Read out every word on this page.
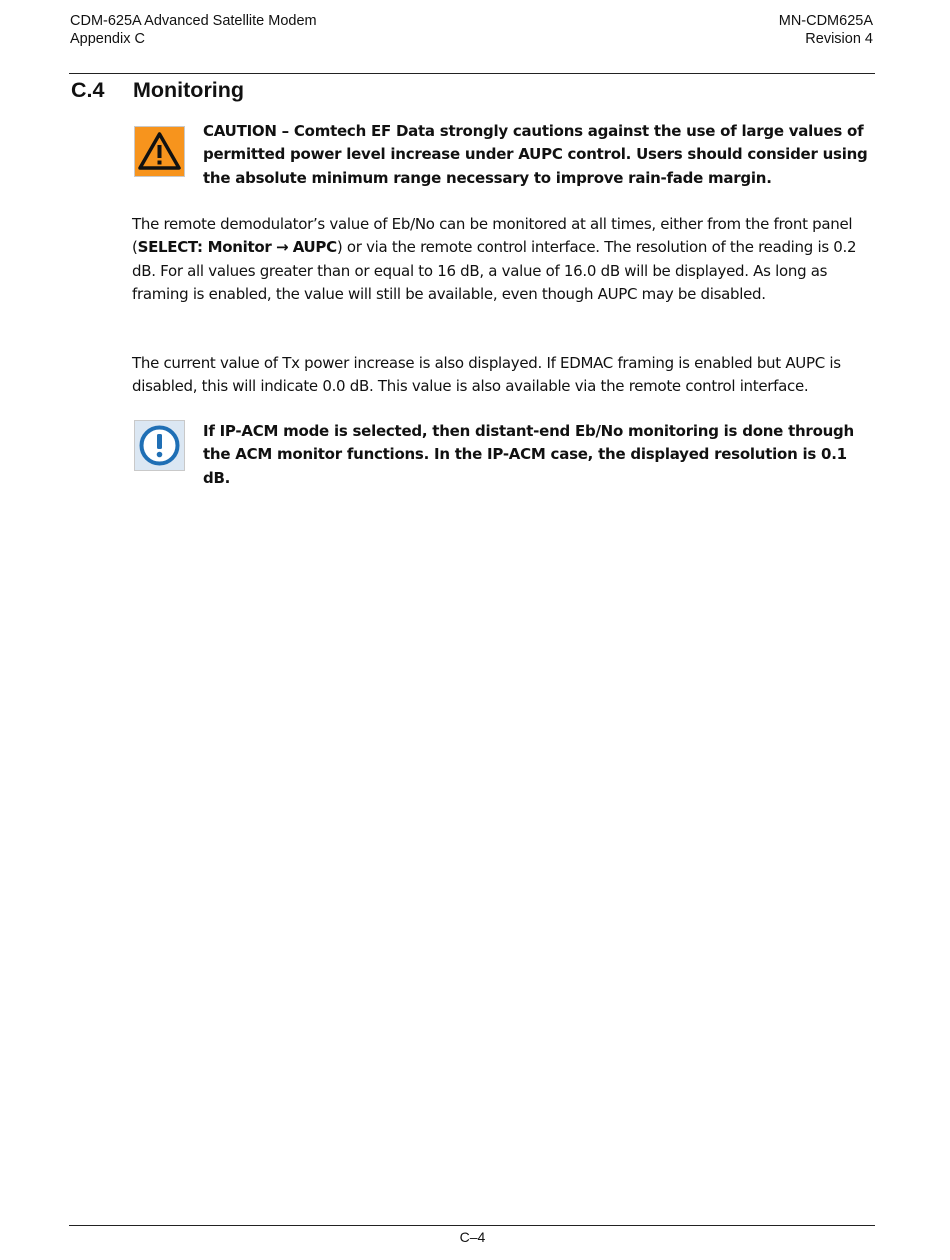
CDM-625A Advanced Satellite Modem
Appendix C
MN-CDM625A
Revision 4
C.4 Monitoring
CAUTION – Comtech EF Data strongly cautions against the use of large values of permitted power level increase under AUPC control. Users should consider using the absolute minimum range necessary to improve rain-fade margin.
The remote demodulator’s value of Eb/No can be monitored at all times, either from the front panel (SELECT: Monitor → AUPC) or via the remote control interface. The resolution of the reading is 0.2 dB. For all values greater than or equal to 16 dB, a value of 16.0 dB will be displayed. As long as framing is enabled, the value will still be available, even though AUPC may be disabled.
The current value of Tx power increase is also displayed. If EDMAC framing is enabled but AUPC is disabled, this will indicate 0.0 dB. This value is also available via the remote control interface.
If IP-ACM mode is selected, then distant-end Eb/No monitoring is done through the ACM monitor functions. In the IP-ACM case, the displayed resolution is 0.1 dB.
C–4
